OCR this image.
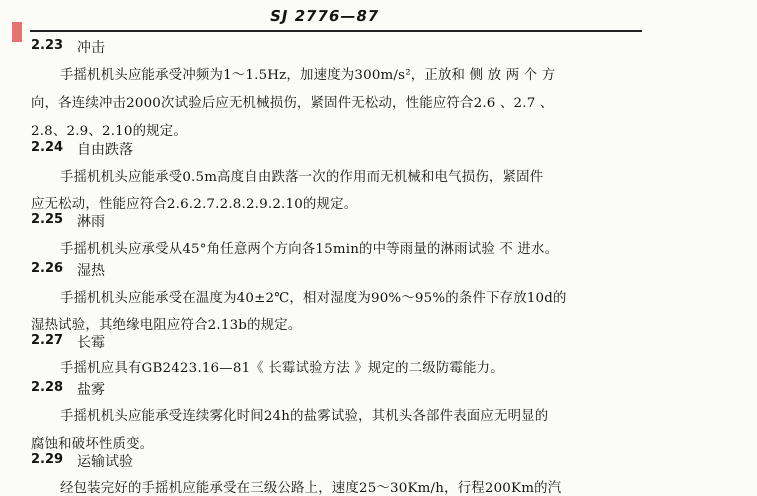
SJ 2776—87
2.23 冲击
手摇机机头应能承受冲频为1～1.5Hz，加速度为300m/s²，正放和 侧 放 两 个 方
向，各连续冲击2000次试验后应无机械损伤，紧固件无松动，性能应符合2.6 、2.7 、
2.8、2.9、2.10的规定。
2.24 自由跌落
手摇机机头应能承受0.5m高度自由跌落一次的作用而无机械和电气损伤，紧固件
应无松动，性能应符合2.6.2.7.2.8.2.9.2.10的规定。
2.25 淋雨
手摇机机头应承受从45°角任意两个方向各15min的中等雨量的淋雨试验 不 进水。
2.26 湿热
手摇机机头应能承受在温度为40±2℃，相对湿度为90%～95%的条件下存放10d的
湿热试验，其绝缘电阻应符合2.13b的规定。
2.27 长霉
手摇机应具有GB2423.16—81《 长霉试验方法 》规定的二级防霉能力。
2.28 盐雾
手摇机机头应能承受连续雾化时间24h的盐雾试验，其机头各部件表面应无明显的
腐蚀和破坏性质变。
2.29 运输试验
经包装完好的手摇机应能承受在三级公路上，速度25～30Km/h，行程200Km的汽
